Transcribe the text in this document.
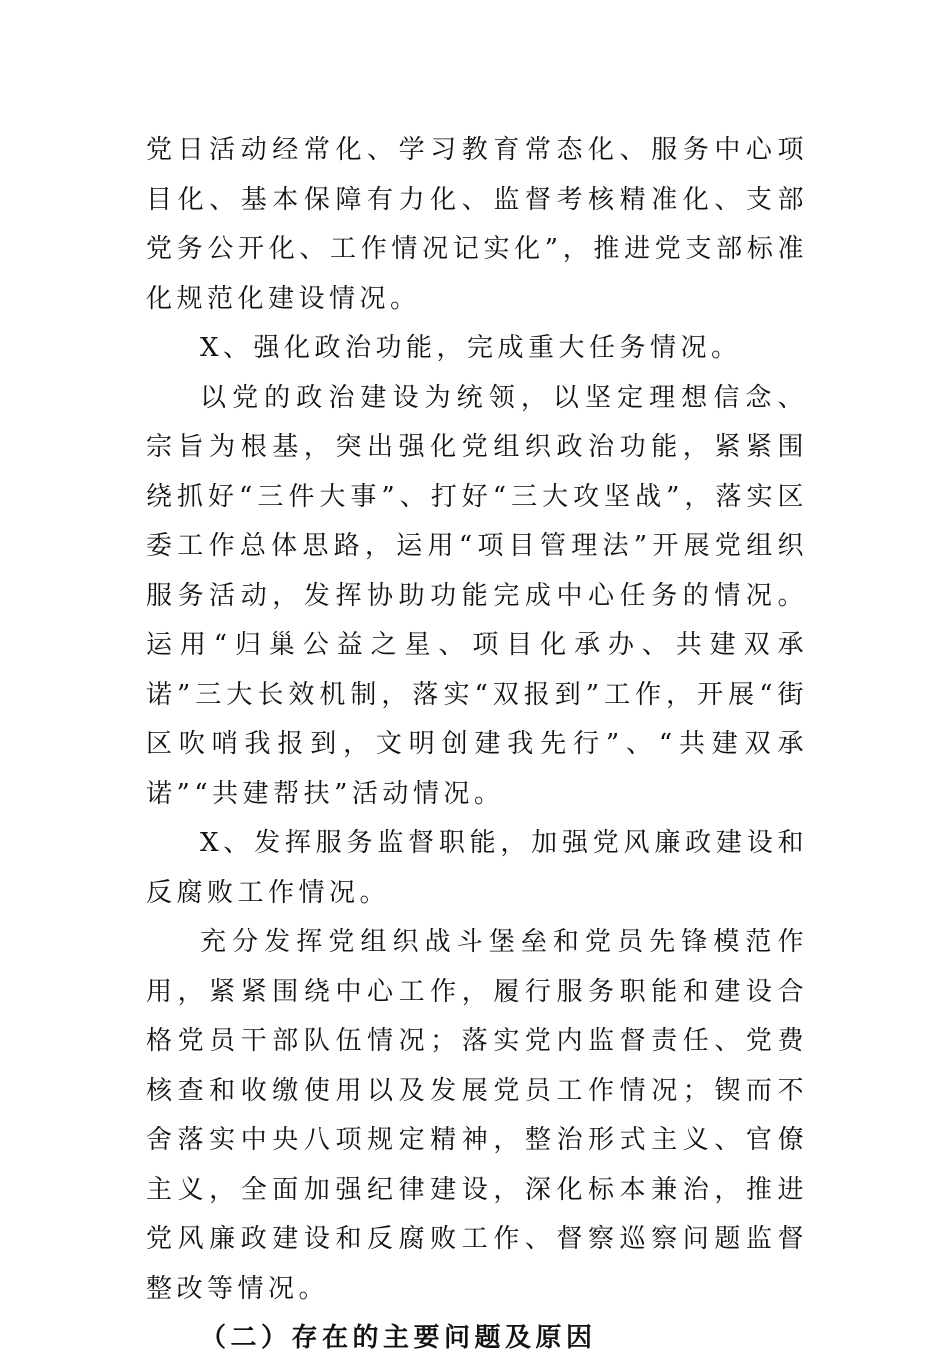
党日活动经常化、学习教育常态化、服务中心项目化、基本保障有力化、监督考核精准化、支部党务公开化、工作情况记实化”，推进党支部标准化规范化建设情况。

X、强化政治功能，完成重大任务情况。

以党的政治建设为统领，以坚定理想信念、宗旨为根基，突出强化党组织政治功能，紧紧围绕抓好“三件大事”、打好“三大攻坚战”，落实区委工作总体思路，运用“项目管理法”开展党组织服务活动，发挥协助功能完成中心任务的情况。运用“归巢公益之星、项目化承办、共建双承诺”三大长效机制，落实“双报到”工作，开展“街区吹哨我报到，文明创建我先行”、“共建双承诺”“共建帮扶”活动情况。

X、发挥服务监督职能，加强党风廉政建设和反腐败工作情况。

充分发挥党组织战斗堡垒和党员先锋模范作用，紧紧围绕中心工作，履行服务职能和建设合格党员干部队伍情况；落实党内监督责任、党费核查和收缴使用以及发展党员工作情况；锲而不舍落实中央八项规定精神，整治形式主义、官僚主义，全面加强纪律建设，深化标本兼治，推进党风廉政建设和反腐败工作、督察巡察问题监督整改等情况。

（二）存在的主要问题及原因
